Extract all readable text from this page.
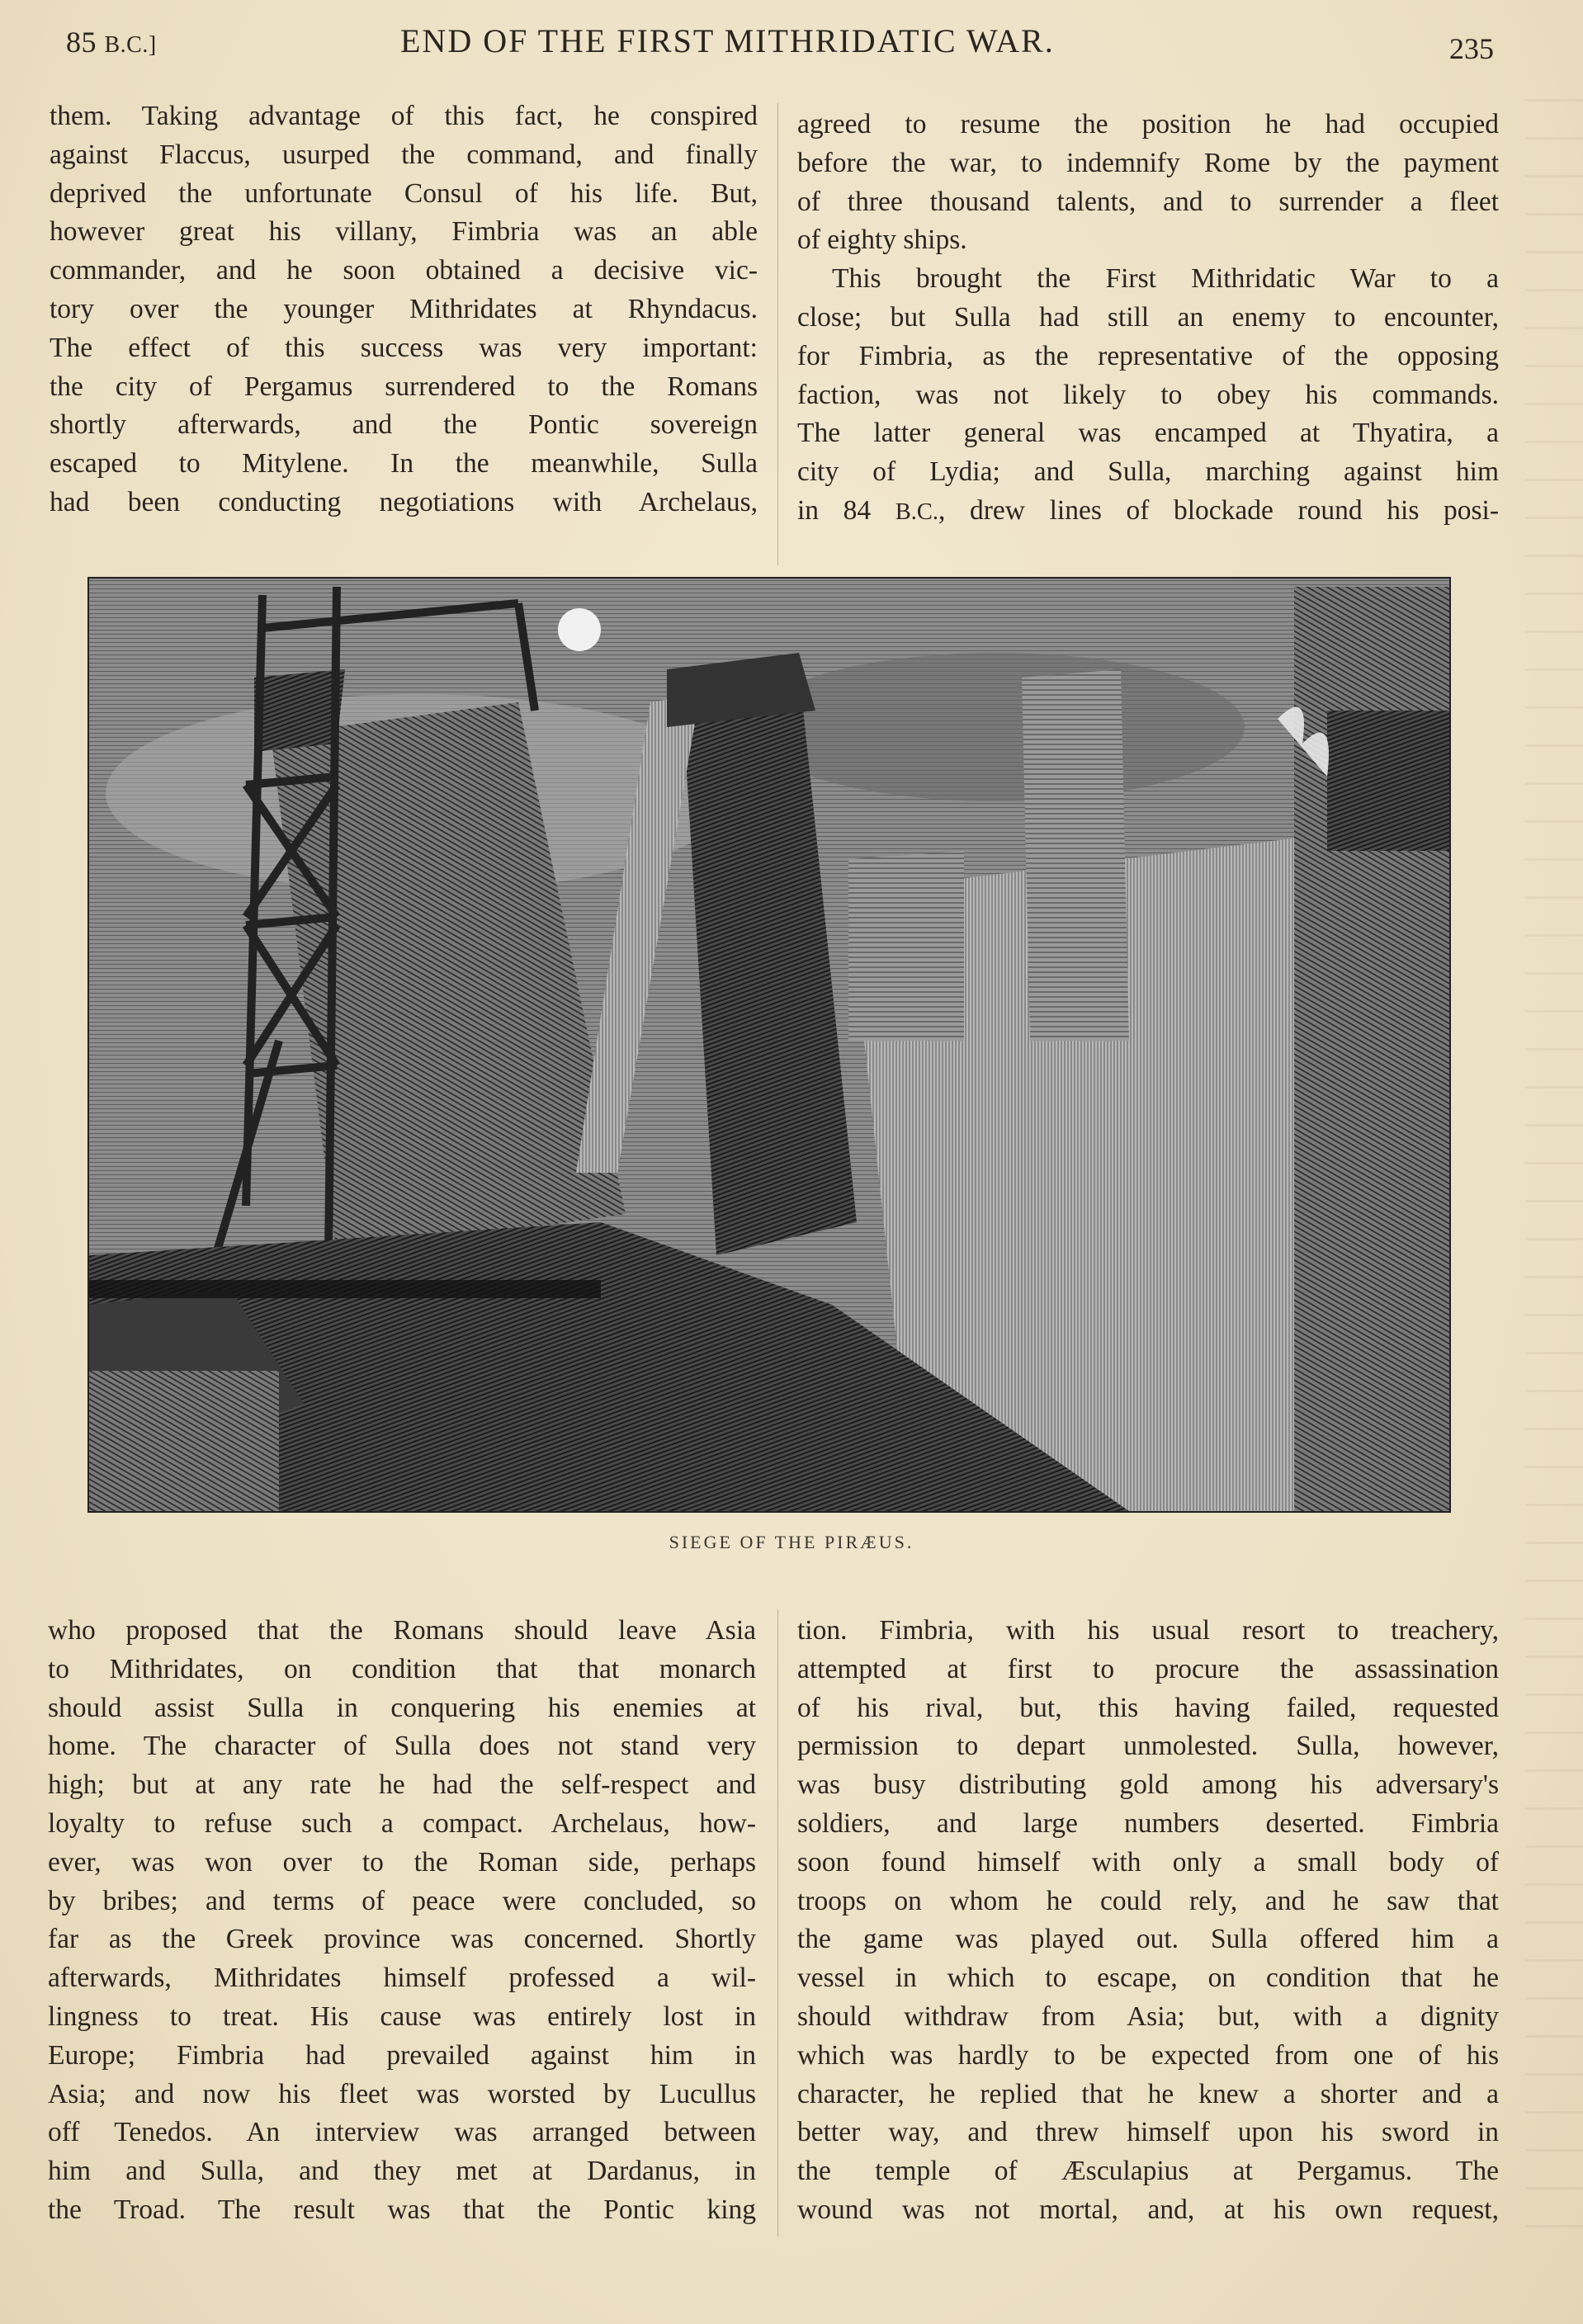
85 B.C.]	END OF THE FIRST MITHRIDATIC WAR.	235
them. Taking advantage of this fact, he conspired
against Flaccus, usurped the command, and finally
deprived the unfortunate Consul of his life. But,
however great his villany, Fimbria was an able
commander, and he soon obtained a decisive vic-
tory over the younger Mithridates at Rhyndacus.
The effect of this success was very important:
the city of Pergamus surrendered to the Romans
shortly afterwards, and the Pontic sovereign
escaped to Mitylene. In the meanwhile, Sulla
had been conducting negotiations with Archelaus,
agreed to resume the position he had occupied
before the war, to indemnify Rome by the payment
of three thousand talents, and to surrender a fleet
of eighty ships.
This brought the First Mithridatic War to a
close; but Sulla had still an enemy to encounter,
for Fimbria, as the representative of the opposing
faction, was not likely to obey his commands.
The latter general was encamped at Thyatira, a
city of Lydia; and Sulla, marching against him
in 84 B.C., drew lines of blockade round his posi-
SIEGE OF THE PIRÆUS.
who proposed that the Romans should leave Asia
to Mithridates, on condition that that monarch
should assist Sulla in conquering his enemies at
home. The character of Sulla does not stand very
high; but at any rate he had the self-respect and
loyalty to refuse such a compact. Archelaus, how-
ever, was won over to the Roman side, perhaps
by bribes; and terms of peace were concluded, so
far as the Greek province was concerned. Shortly
afterwards, Mithridates himself professed a wil-
lingness to treat. His cause was entirely lost in
Europe; Fimbria had prevailed against him in
Asia; and now his fleet was worsted by Lucullus
off Tenedos. An interview was arranged between
him and Sulla, and they met at Dardanus, in
the Troad. The result was that the Pontic king
tion. Fimbria, with his usual resort to treachery,
attempted at first to procure the assassination
of his rival, but, this having failed, requested
permission to depart unmolested. Sulla, however,
was busy distributing gold among his adversary's
soldiers, and large numbers deserted. Fimbria
soon found himself with only a small body of
troops on whom he could rely, and he saw that
the game was played out. Sulla offered him a
vessel in which to escape, on condition that he
should withdraw from Asia; but, with a dignity
which was hardly to be expected from one of his
character, he replied that he knew a shorter and a
better way, and threw himself upon his sword in
the temple of Æsculapius at Pergamus. The
wound was not mortal, and, at his own request,
